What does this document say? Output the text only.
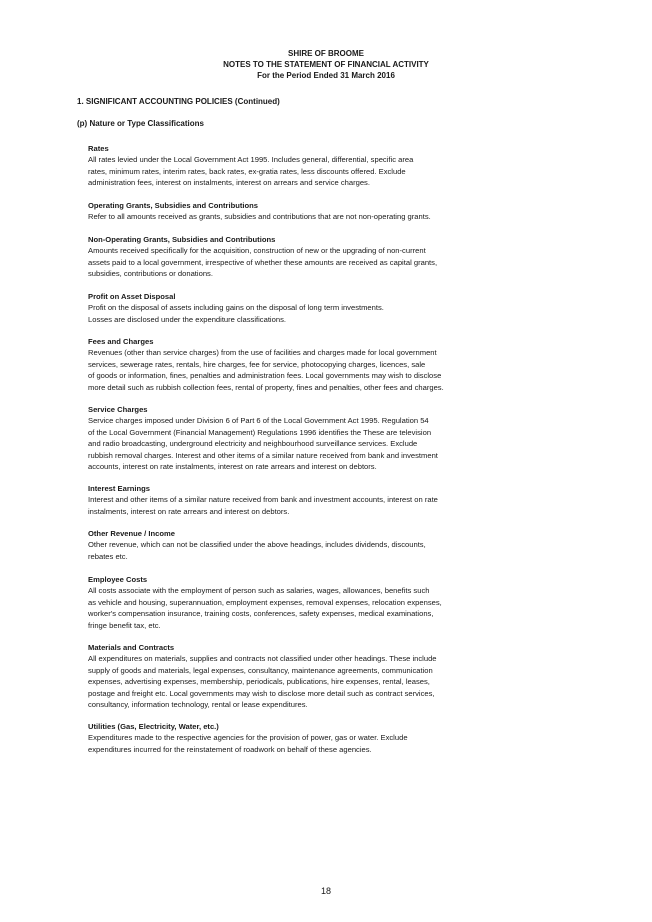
SHIRE OF BROOME
NOTES TO THE STATEMENT OF FINANCIAL ACTIVITY
For the Period Ended 31 March 2016
1. SIGNIFICANT ACCOUNTING POLICIES (Continued)
(p) Nature or Type Classifications
Rates
All rates levied under the Local Government Act 1995. Includes general, differential, specific area
rates, minimum rates, interim rates, back rates, ex-gratia rates, less discounts offered. Exclude
administration fees, interest on instalments, interest on arrears and service charges.
Operating Grants, Subsidies and Contributions
Refer to all amounts received as grants, subsidies and contributions that are not non-operating grants.
Non-Operating Grants, Subsidies and Contributions
Amounts received specifically for the acquisition, construction of new or the upgrading of non-current
assets paid to a local government, irrespective of whether these amounts are received as capital grants,
subsidies, contributions or donations.
Profit on Asset Disposal
Profit on the disposal of assets including gains on the disposal of long term investments.
Losses are disclosed under the expenditure classifications.
Fees and Charges
Revenues (other than service charges) from the use of facilities and charges made for local government
services, sewerage rates, rentals, hire charges, fee for service, photocopying charges, licences, sale
of goods or information, fines, penalties and administration fees. Local governments may wish to disclose
more detail such as rubbish collection fees, rental of property, fines and penalties, other fees and charges.
Service Charges
Service charges imposed under Division 6 of Part 6 of the Local Government Act 1995. Regulation 54
of the Local Government (Financial Management) Regulations 1996 identifies the These are television
and radio broadcasting, underground electricity and neighbourhood surveillance services. Exclude
rubbish removal charges. Interest and other items of a similar nature received from bank and investment
accounts, interest on rate instalments, interest on rate arrears and interest on debtors.
Interest Earnings
Interest and other items of a similar nature received from bank and investment accounts, interest on rate
instalments, interest on rate arrears and interest on debtors.
Other Revenue / Income
Other revenue, which can not be classified under the above headings, includes dividends, discounts,
rebates etc.
Employee Costs
All costs associate with the employment of person such as salaries, wages, allowances, benefits such
as vehicle and housing, superannuation, employment expenses, removal expenses, relocation expenses,
worker's compensation insurance, training costs, conferences, safety expenses, medical examinations,
fringe benefit tax, etc.
Materials and Contracts
All expenditures on materials, supplies and contracts not classified under other headings. These include
supply of goods and materials, legal expenses, consultancy, maintenance agreements, communication
expenses, advertising expenses, membership, periodicals, publications, hire expenses, rental, leases,
postage and freight etc. Local governments may wish to disclose more detail such as contract services,
consultancy, information technology, rental or lease expenditures.
Utilities (Gas, Electricity, Water, etc.)
Expenditures made to the respective agencies for the provision of power, gas or water. Exclude
expenditures incurred for the reinstatement of roadwork on behalf of these agencies.
18
